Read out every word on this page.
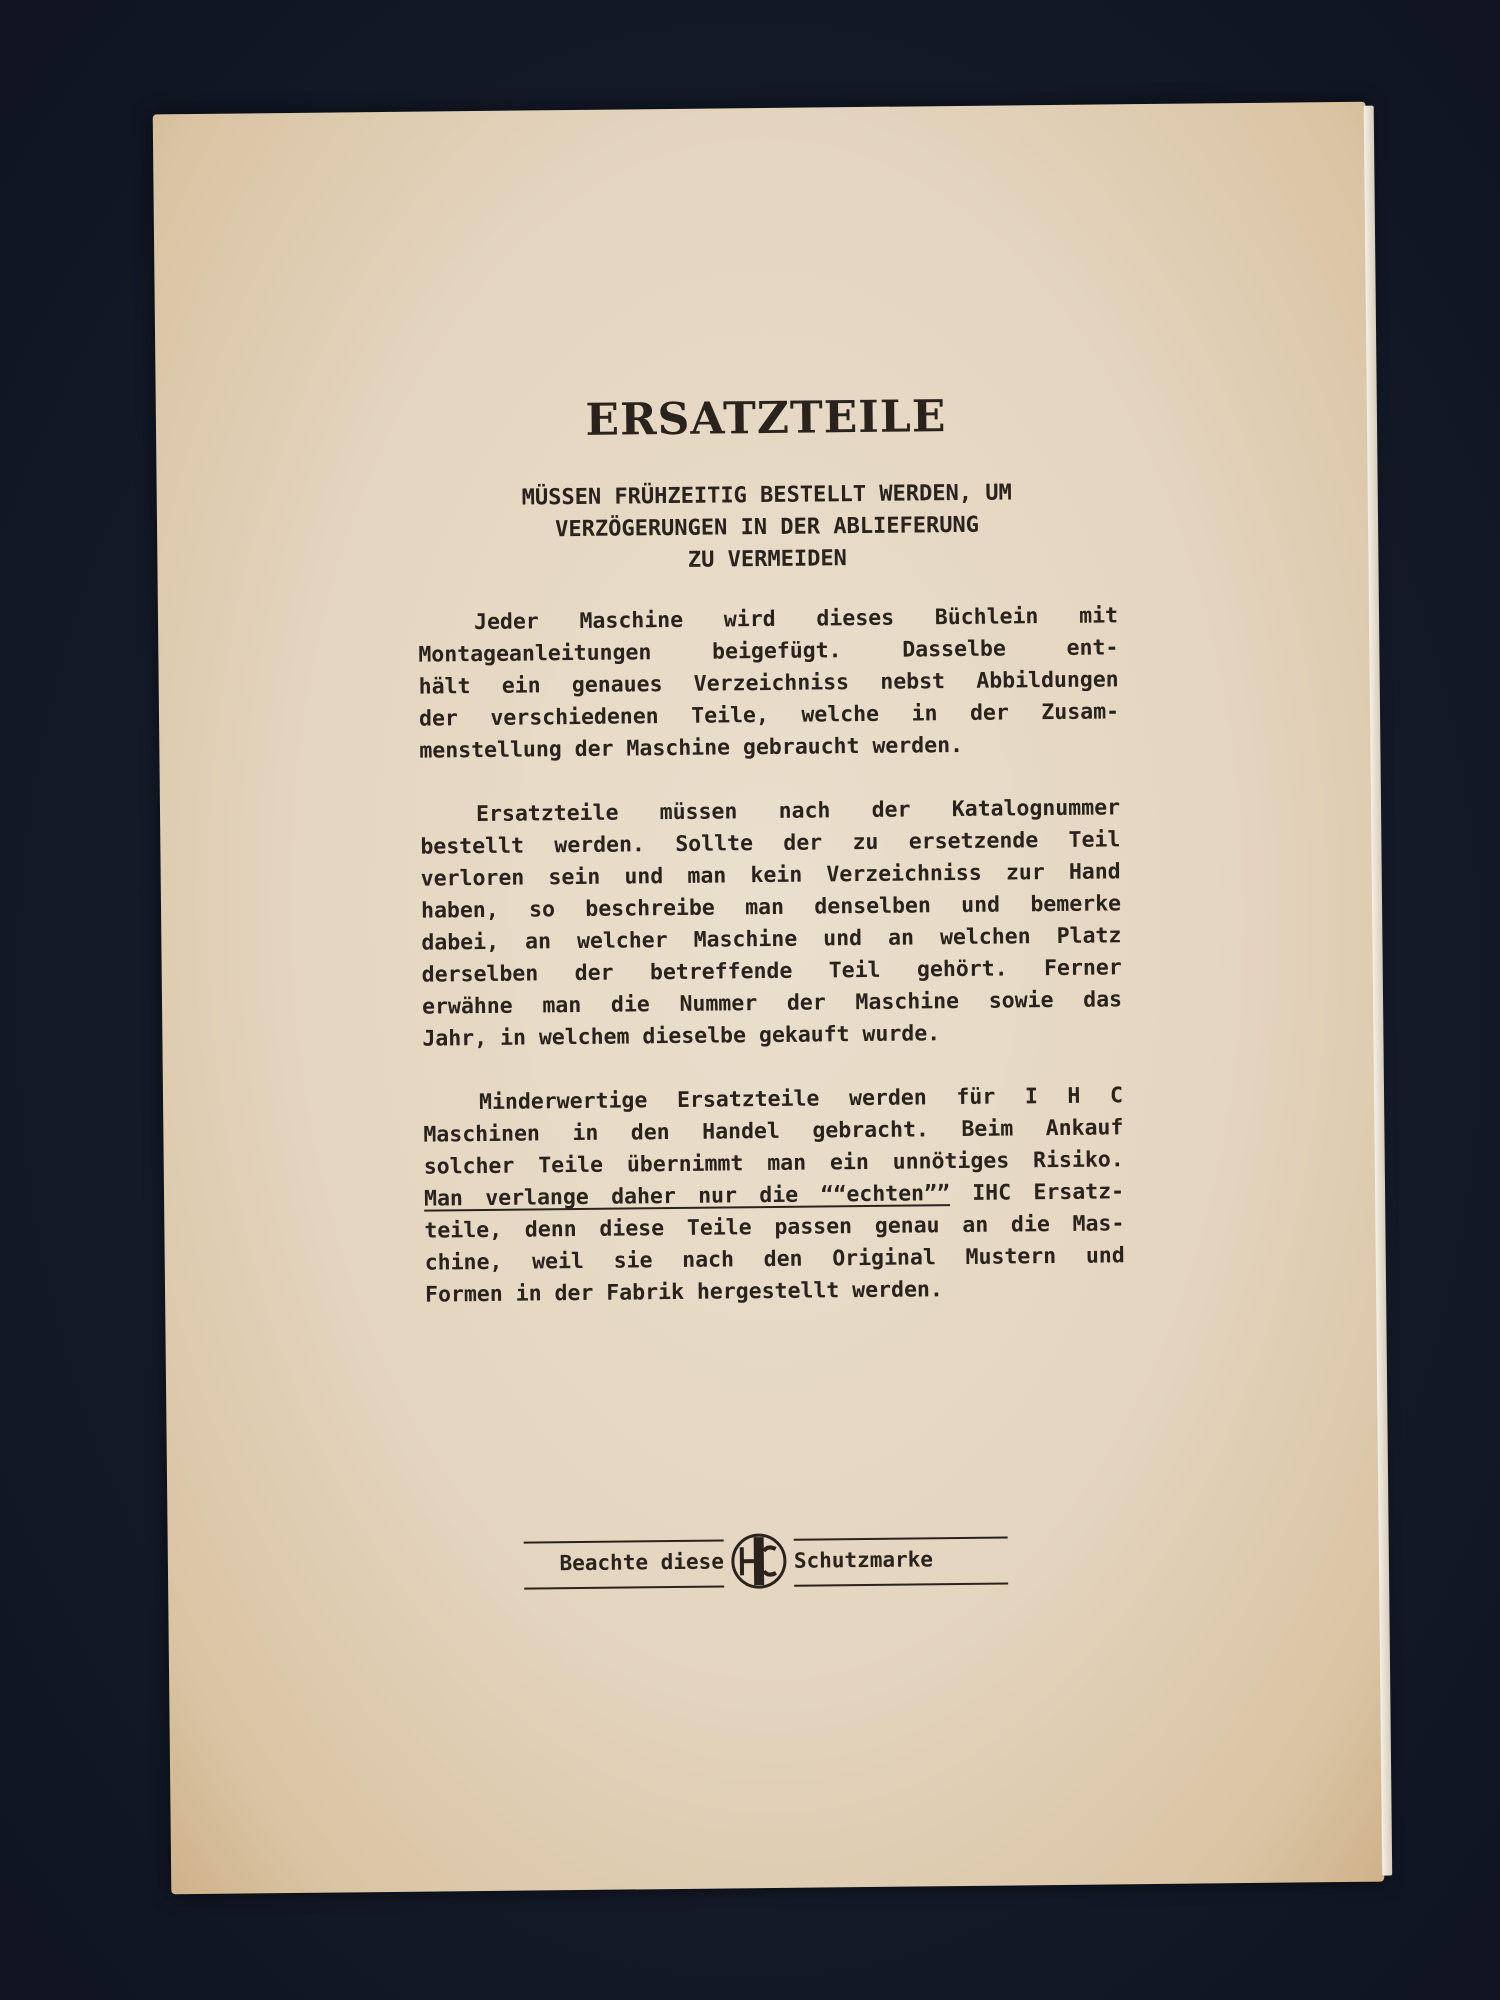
ERSATZTEILE
MÜSSEN FRÜHZEITIG BESTELLT WERDEN, UM
VERZÖGERUNGEN IN DER ABLIEFERUNG
ZU VERMEIDEN
Jeder Maschine wird dieses Büchlein mit
Montageanleitungen beigefügt. Dasselbe ent-
hält ein genaues Verzeichniss nebst Abbildungen
der verschiedenen Teile, welche in der Zusam-
menstellung der Maschine gebraucht werden.
Ersatzteile müssen nach der Katalognummer
bestellt werden. Sollte der zu ersetzende Teil
verloren sein und man kein Verzeichniss zur Hand
haben, so beschreibe man denselben und bemerke
dabei, an welcher Maschine und an welchen Platz
derselben der betreffende Teil gehört. Ferner
erwähne man die Nummer der Maschine sowie das
Jahr, in welchem dieselbe gekauft wurde.
Minderwertige Ersatzteile werden für I H C
Maschinen in den Handel gebracht. Beim Ankauf
solcher Teile übernimmt man ein unnötiges Risiko.
Man verlange daher nur die ““echten”” IHC Ersatz-
teile, denn diese Teile passen genau an die Mas-
chine, weil sie nach den Original Mustern und
Formen in der Fabrik hergestellt werden.
Beachte diese	Schutzmarke
